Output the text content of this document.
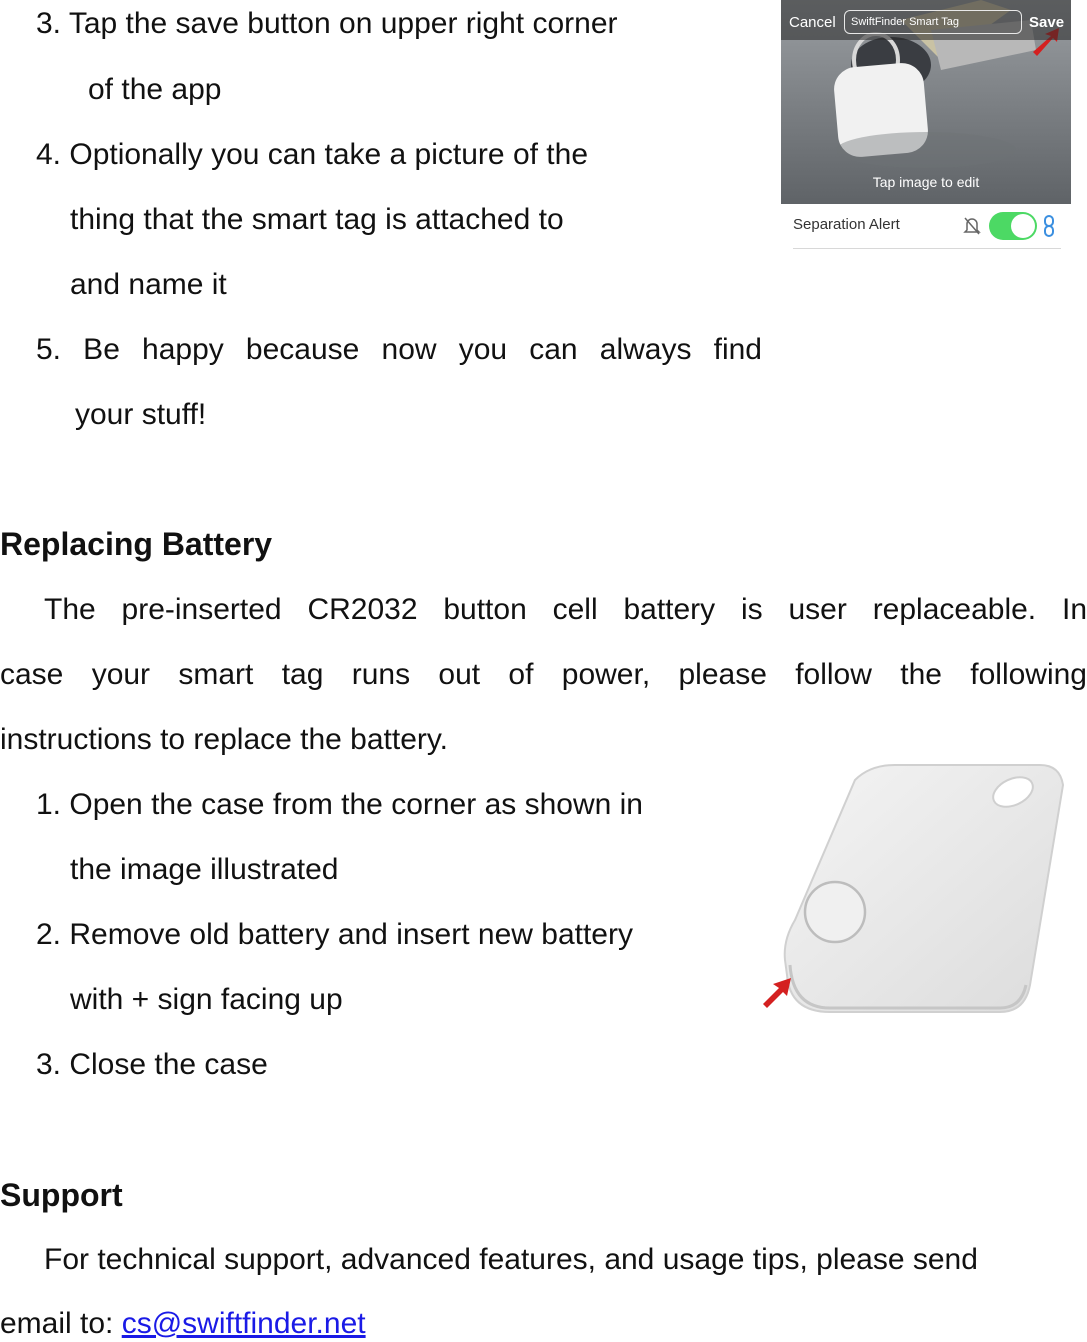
3. Tap the save button on upper right corner
of the app
4. Optionally you can take a picture of the
thing that the smart tag is attached to
and name it
5. Be happy because now you can always find
your stuff!
Cancel	SwiftFinder Smart Tag	Save
Tap image to edit
Separation Alert
Replacing Battery
The pre-inserted CR2032 button cell battery is user replaceable. In
case your smart tag runs out of power, please follow the following
instructions to replace the battery.
1. Open the case from the corner as shown in
the image illustrated
2. Remove old battery and insert new battery
with + sign facing up
3. Close the case
Support
For technical support, advanced features, and usage tips, please send
email to: cs@swiftfinder.net
